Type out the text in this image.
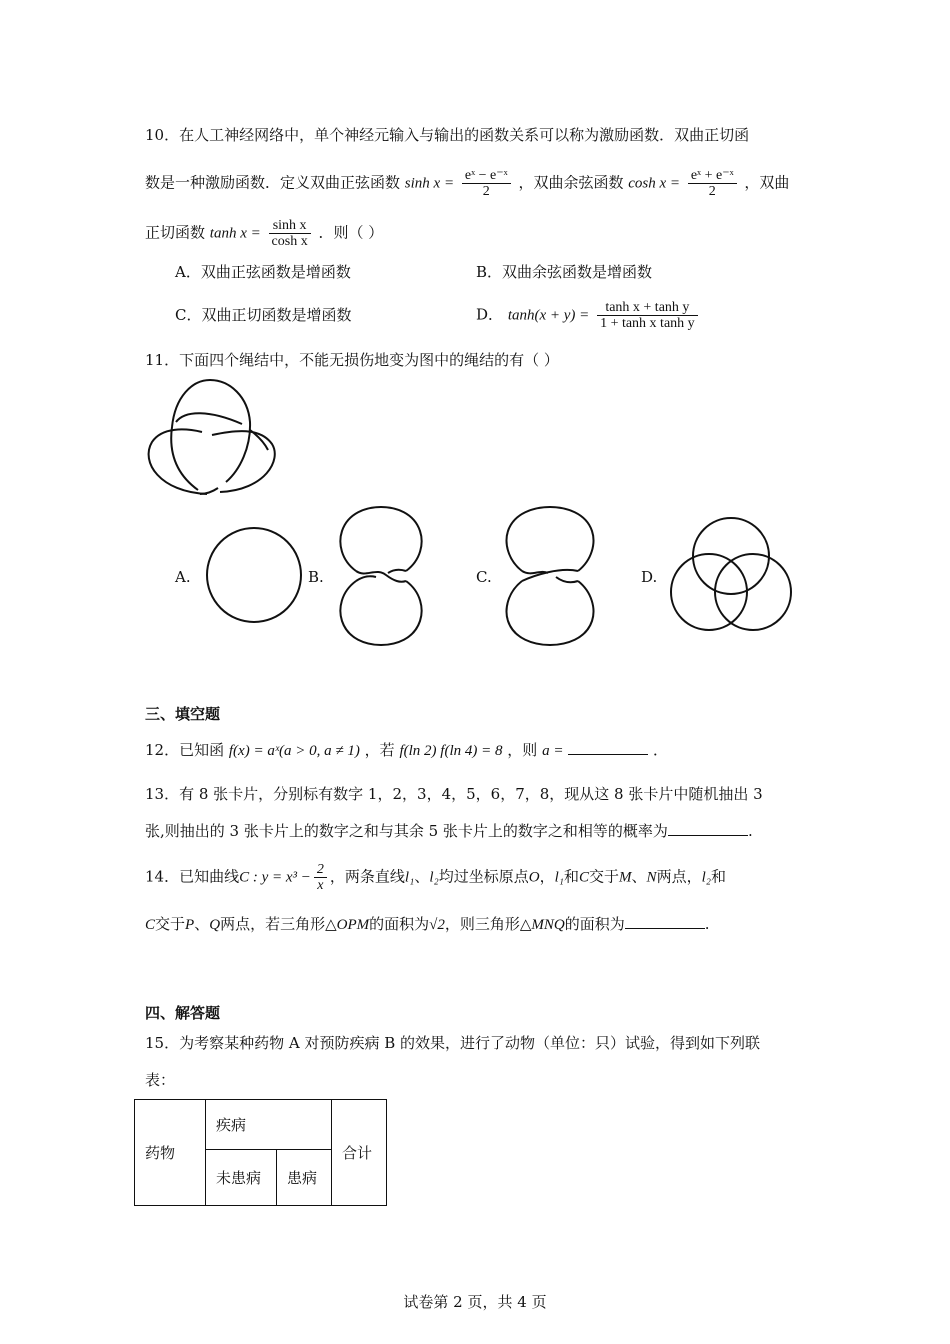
10．在人工神经网络中，单个神经元输入与输出的函数关系可以称为激励函数．双曲正切函
数是一种激励函数．定义双曲正弦函数 $\sinh x = \frac{\text{eˣ − e⁻ˣ}}{2}$ ，双曲余弦函数 $\cosh x = \frac{\text{eˣ + e⁻ˣ}}{2}$ ，双曲
正切函数 $\tanh x = \frac{\text{sinh x}}{\text{cosh x}}$ ．则（ ）
A．双曲正弦函数是增函数	B．双曲余弦函数是增函数
C．双曲正切函数是增函数	D． $\tanh(x + y) = \frac{\text{tanh x + tanh y}}{\text{1 + tanh x tanh y}}$
11．下面四个绳结中，不能无损伤地变为图中的绳结的有（ ）
A.	B.	C.	D.
三、填空题
12．已知函 f(x) = aˣ(a > 0, a ≠ 1) ，若 f(ln 2) f(ln 4) = 8 ，则 a =	．
13．有 8 张卡片，分别标有数字 1，2，3，4，5，6，7，8，现从这 8 张卡片中随机抽出 3
张,则抽出的 3 张卡片上的数字之和与其余 5 张卡片上的数字之和相等的概率为	.
14．已知曲线C : $y = x^3 - \frac{2}{x}$ ，两条直线l₁、l₂均过坐标原点O，l₁和C交于M、N两点，l₂和
C交于P、Q两点，若三角形△OPM的面积为√2，则三角形△MNQ的面积为	.
四、解答题
15．为考察某种药物 A 对预防疾病 B 的效果，进行了动物（单位：只）试验，得到如下列联
表：
药物	疾病		合计
	未患病	患病	
试卷第 2 页，共 4 页
